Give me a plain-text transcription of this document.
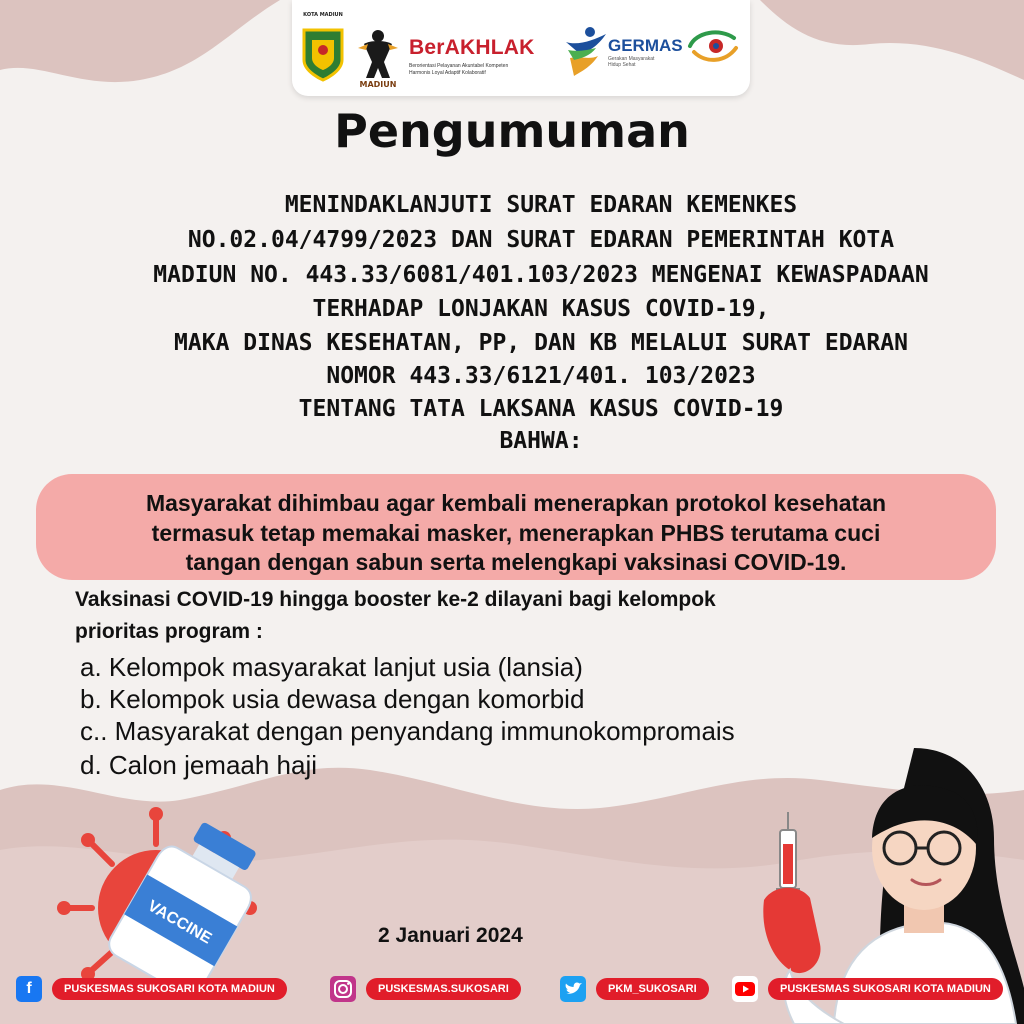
KOTA MADIUN
MADIUN
BerAKHLAK
Berorientasi Pelayanan Akuntabel Kompeten
Harmonis Loyal Adaptif Kolaboratif
GERMAS
Gerakan Masyarakat
Hidup Sehat
Pengumuman
MENINDAKLANJUTI SURAT EDARAN KEMENKES
NO.02.04/4799/2023 DAN SURAT EDARAN PEMERINTAH KOTA
MADIUN NO. 443.33/6081/401.103/2023 MENGENAI KEWASPADAAN
TERHADAP LONJAKAN KASUS COVID-19,
MAKA DINAS KESEHATAN, PP, DAN KB MELALUI SURAT EDARAN
NOMOR 443.33/6121/401. 103/2023
TENTANG TATA LAKSANA KASUS COVID-19
BAHWA:
Masyarakat dihimbau agar kembali menerapkan protokol kesehatan
termasuk tetap memakai masker, menerapkan PHBS terutama cuci
tangan dengan sabun serta melengkapi vaksinasi COVID-19.
Vaksinasi COVID-19 hingga booster ke-2 dilayani bagi kelompok
prioritas program :
a. Kelompok masyarakat lanjut usia (lansia)
b. Kelompok usia dewasa dengan komorbid
c.. Masyarakat dengan penyandang immunokompromais
d. Calon jemaah haji
VACCINE	2 Januari 2024
f	PUSKESMAS SUKOSARI KOTA MADIUN	PUSKESMAS.SUKOSARI	PKM_SUKOSARI	PUSKESMAS SUKOSARI KOTA MADIUN
